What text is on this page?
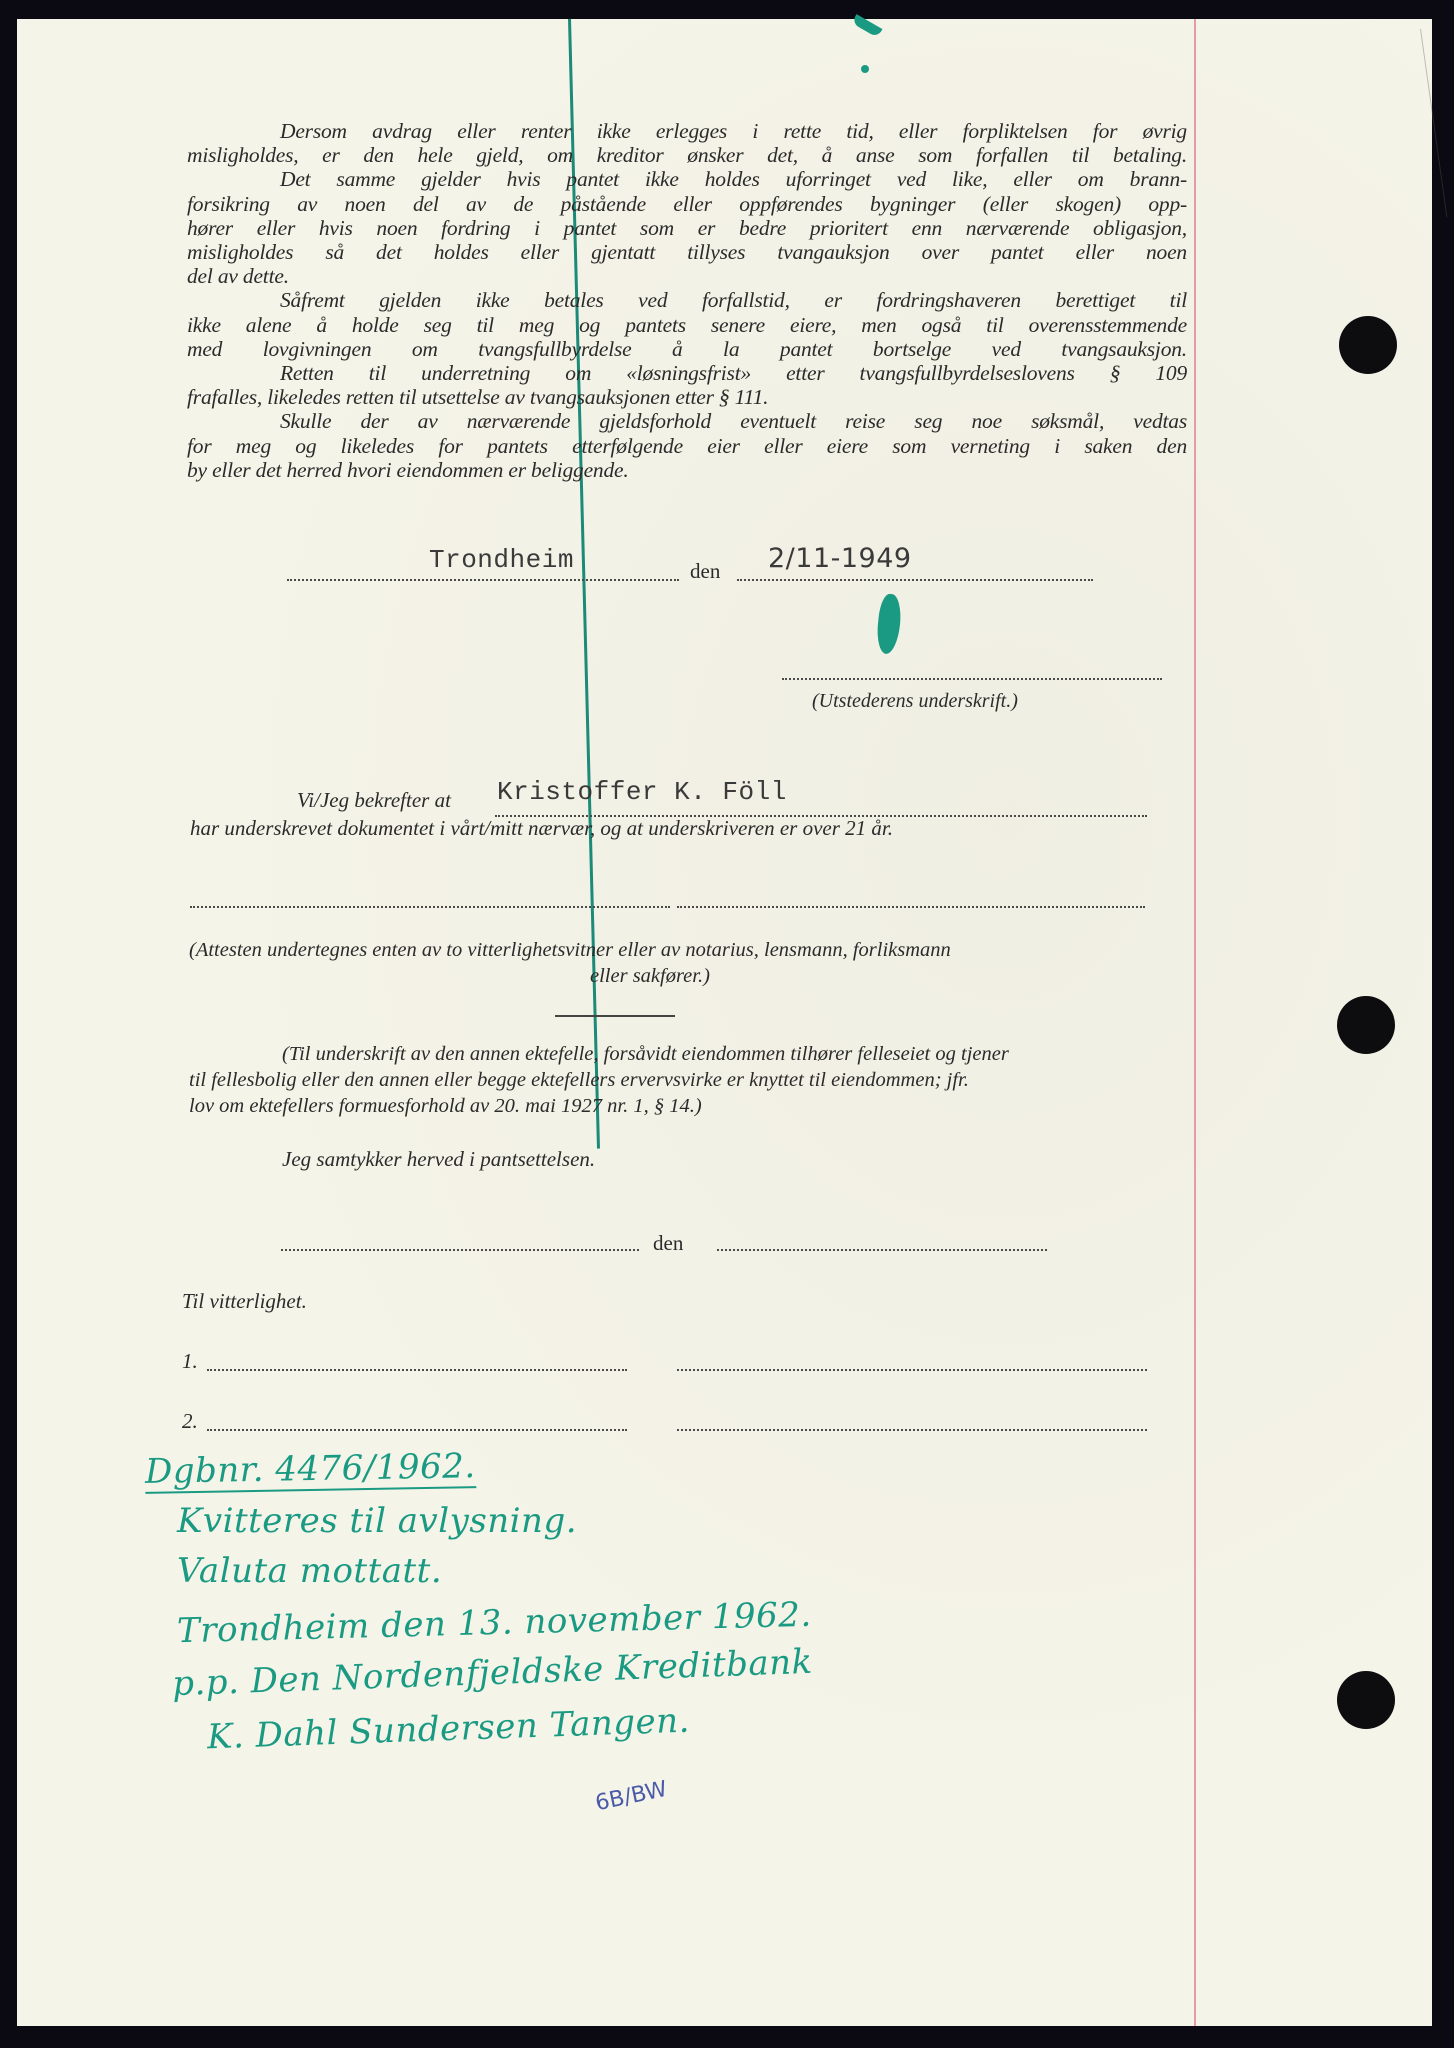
Dersom avdrag eller renter ikke erlegges i rette tid, eller forpliktelsen for øvrig
misligholdes, er den hele gjeld, om kreditor ønsker det, å anse som forfallen til betaling.
Det samme gjelder hvis pantet ikke holdes uforringet ved like, eller om brann-
forsikring av noen del av de påstående eller oppførendes bygninger (eller skogen) opp-
hører eller hvis noen fordring i pantet som er bedre prioritert enn nærværende obligasjon,
misligholdes så det holdes eller gjentatt tillyses tvangauksjon over pantet eller noen
del av dette.
Såfremt gjelden ikke betales ved forfallstid, er fordringshaveren berettiget til
ikke alene å holde seg til meg og pantets senere eiere, men også til overensstemmende
med lovgivningen om tvangsfullbyrdelse å la pantet bortselge ved tvangsauksjon.
Retten til underretning om «løsningsfrist» etter tvangsfullbyrdelseslovens § 109
frafalles, likeledes retten til utsettelse av tvangsauksjonen etter § 111.
Skulle der av nærværende gjeldsforhold eventuelt reise seg noe søksmål, vedtas
for meg og likeledes for pantets etterfølgende eier eller eiere som verneting i saken den
by eller det herred hvori eiendommen er beliggende.
Trondheim	den 2/11-1949
(Utstederens underskrift.)
Vi/Jeg bekrefter at Kristoffer K. Föll
har underskrevet dokumentet i vårt/mitt nærvær, og at underskriveren er over 21 år.
(Attesten undertegnes enten av to vitterlighetsvitner eller av notarius, lensmann, forliksmann
eller sakfører.)
(Til underskrift av den annen ektefelle, forsåvidt eiendommen tilhører felleseiet og tjener
til fellesbolig eller den annen eller begge ektefellers ervervsvirke er knyttet til eiendommen; jfr.
lov om ektefellers formuesforhold av 20. mai 1927 nr. 1, § 14.)
Jeg samtykker herved i pantsettelsen.
den
Til vitterlighet.
1.
2.
Dgbnr. 4476/1962.
Kvitteres til avlysning.
Valuta mottatt.
Trondheim den 13. november 1962.
p.p. Den Nordenfjeldske Kreditbank
K. Dahl Sundersen Tangen.
6B/BW
